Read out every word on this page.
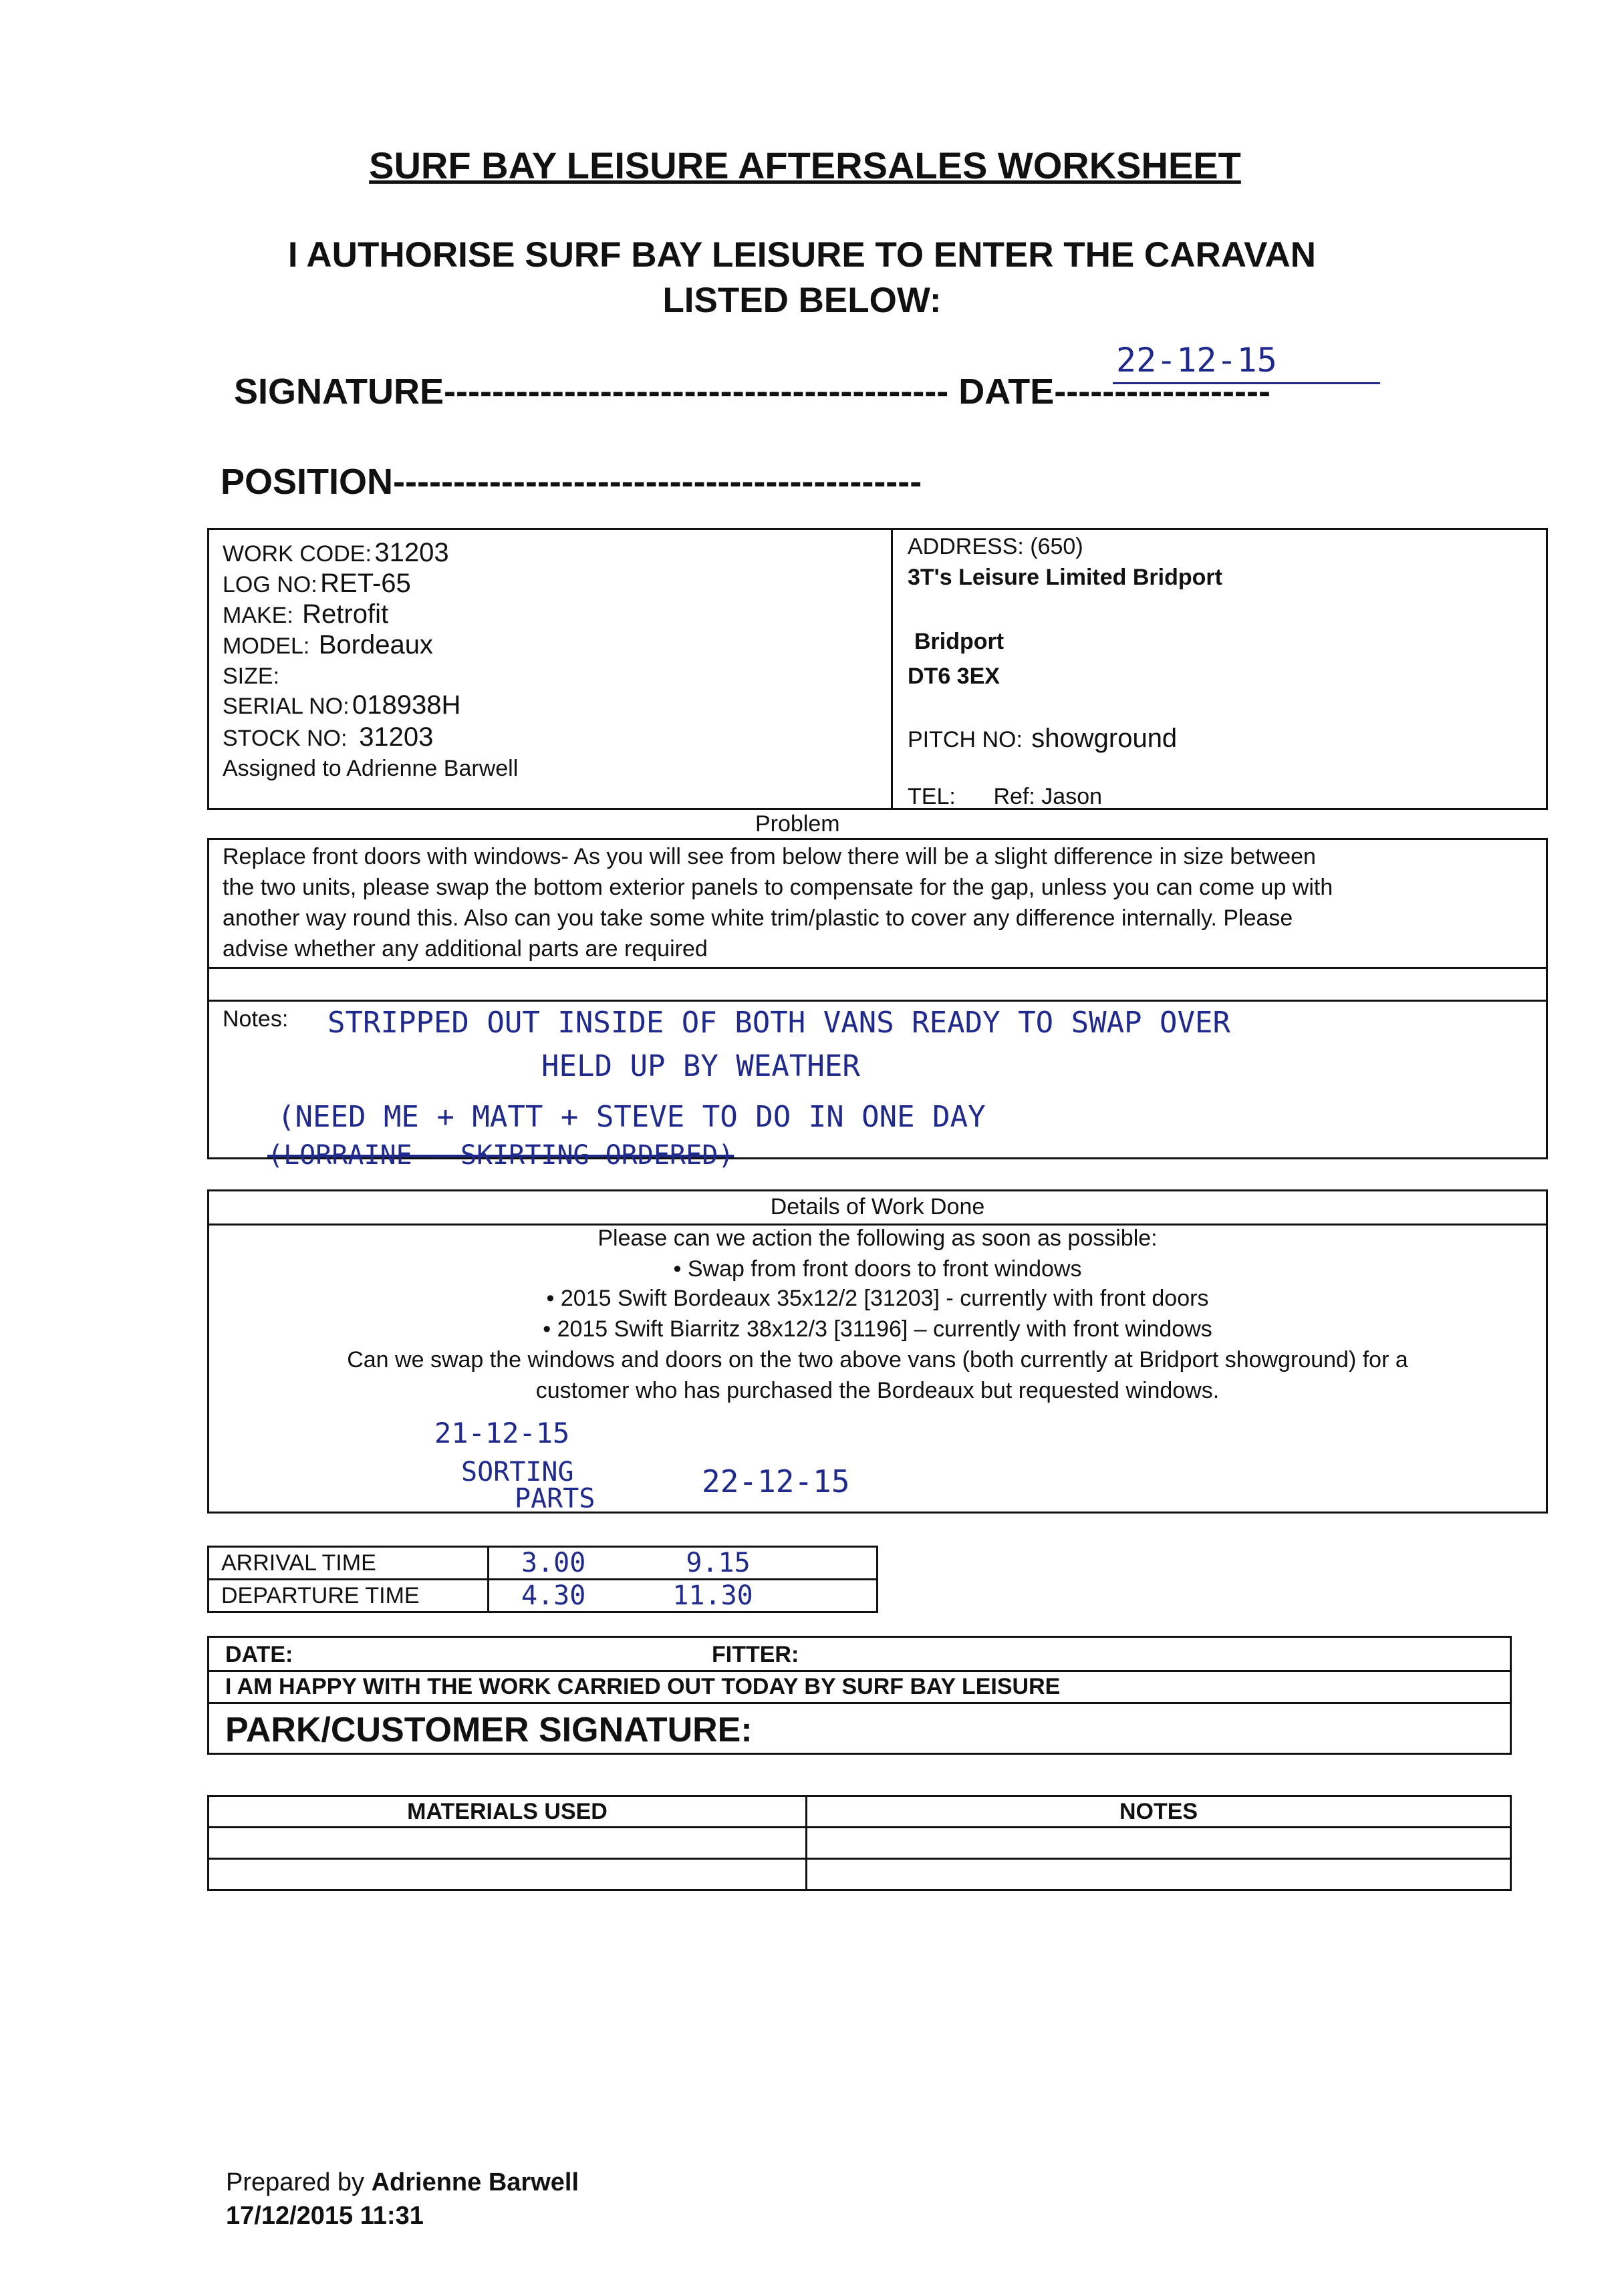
SURF BAY LEISURE AFTERSALES WORKSHEET
I AUTHORISE SURF BAY LEISURE TO ENTER THE CARAVAN
LISTED BELOW:
SIGNATURE------------------------------------------ DATE------------------
22-12-15
POSITION--------------------------------------------
WORK CODE: 31203
LOG NO: RET-65
MAKE: Retrofit
MODEL: Bordeaux
SIZE:
SERIAL NO: 018938H
STOCK NO: 31203
Assigned to Adrienne Barwell
ADDRESS: (650)
3T's Leisure Limited Bridport
Bridport
DT6 3EX
PITCH NO: showground
TEL: Ref: Jason
Problem
Replace front doors with windows- As you will see from below there will be a slight difference in size between
the two units, please swap the bottom exterior panels to compensate for the gap, unless you can come up with
another way round this. Also can you take some white trim/plastic to cover any difference internally. Please
advise whether any additional parts are required
Notes: STRIPPED OUT INSIDE OF BOTH VANS READY TO SWAP OVER
HELD UP BY WEATHER
(NEED ME + MATT + STEVE TO DO IN ONE DAY
(LORRAINE - SKIRTING ORDERED)
Details of Work Done
Please can we action the following as soon as possible:
• Swap from front doors to front windows
• 2015 Swift Bordeaux 35x12/2 [31203] - currently with front doors
• 2015 Swift Biarritz 38x12/3 [31196] – currently with front windows
Can we swap the windows and doors on the two above vans (both currently at Bridport showground) for a
customer who has purchased the Bordeaux but requested windows.
21-12-15
SORTING
PARTS	22-12-15
ARRIVAL TIME	3.00 9.15
DEPARTURE TIME	4.30 11.30
DATE:	FITTER:
I AM HAPPY WITH THE WORK CARRIED OUT TODAY BY SURF BAY LEISURE
PARK/CUSTOMER SIGNATURE:
MATERIALS USED	NOTES

Prepared by Adrienne Barwell
17/12/2015 11:31
